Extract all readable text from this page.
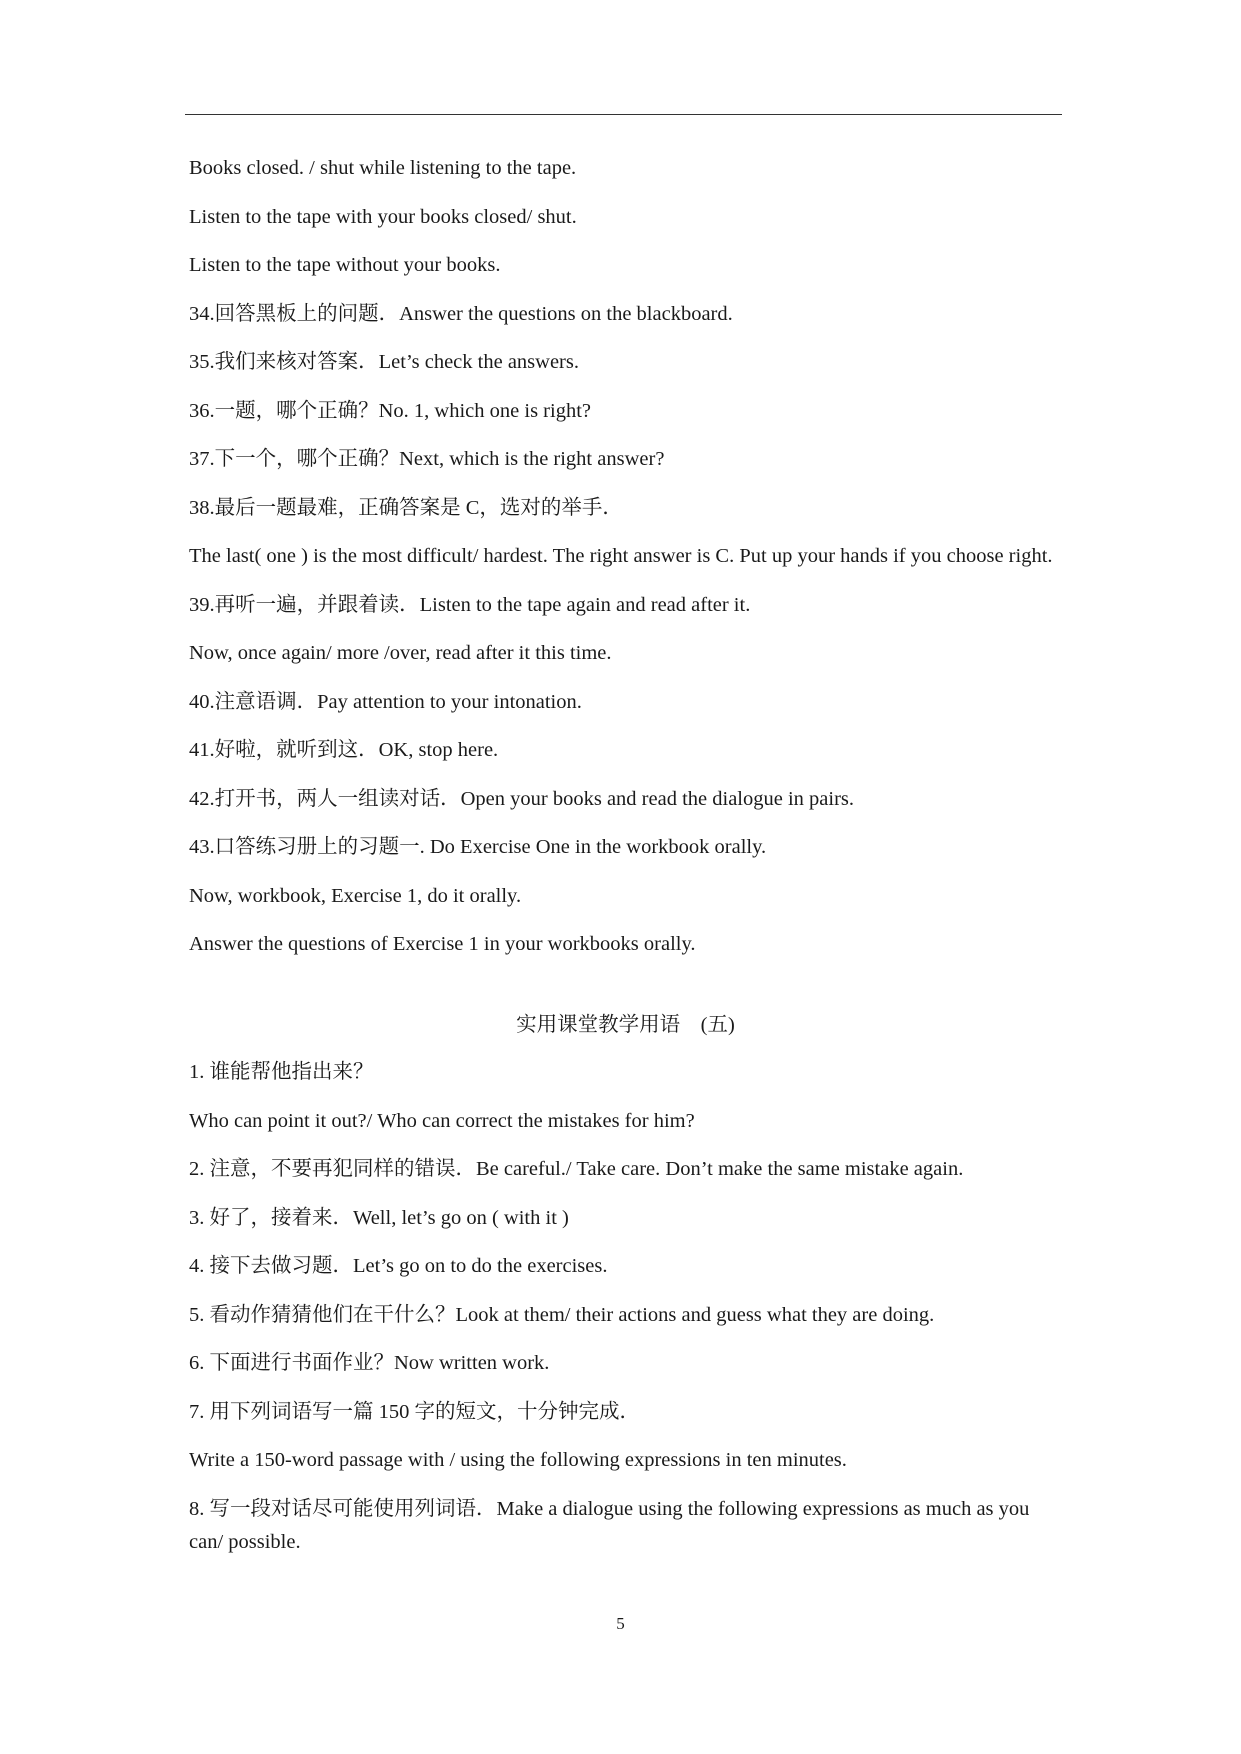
Books closed. / shut while listening to the tape.
Listen to the tape with your books closed/ shut.
Listen to the tape without your books.
34.回答黑板上的问题．Answer the questions on the blackboard.
35.我们来核对答案．Let’s check the answers.
36.一题，哪个正确？No. 1, which one is right?
37.下一个，哪个正确？Next, which is the right answer?
38.最后一题最难，正确答案是 C，选对的举手．
The last( one ) is the most difficult/ hardest. The right answer is C. Put up your hands if you choose right.
39.再听一遍，并跟着读．Listen to the tape again and read after it.
Now, once again/ more /over, read after it this time.
40.注意语调．Pay attention to your intonation.
41.好啦，就听到这．OK, stop here.
42.打开书，两人一组读对话．Open your books and read the dialogue in pairs.
43.口答练习册上的习题一. Do Exercise One in the workbook orally.
Now, workbook, Exercise 1, do it orally.
Answer the questions of Exercise 1 in your workbooks orally.
实用课堂教学用语　(五)
1. 谁能帮他指出来？
Who can point it out?/ Who can correct the mistakes for him?
2. 注意，不要再犯同样的错误．Be careful./ Take care. Don’t make the same mistake again.
3. 好了，接着来．Well, let’s go on ( with it )
4. 接下去做习题．Let’s go on to do the exercises.
5. 看动作猜猜他们在干什么？Look at them/ their actions and guess what they are doing.
6. 下面进行书面作业？Now written work.
7. 用下列词语写一篇 150 字的短文，十分钟完成．
Write a 150-word passage with / using the following expressions in ten minutes.
8. 写一段对话尽可能使用列词语．Make a dialogue using the following expressions as much as you can/ possible.
5
